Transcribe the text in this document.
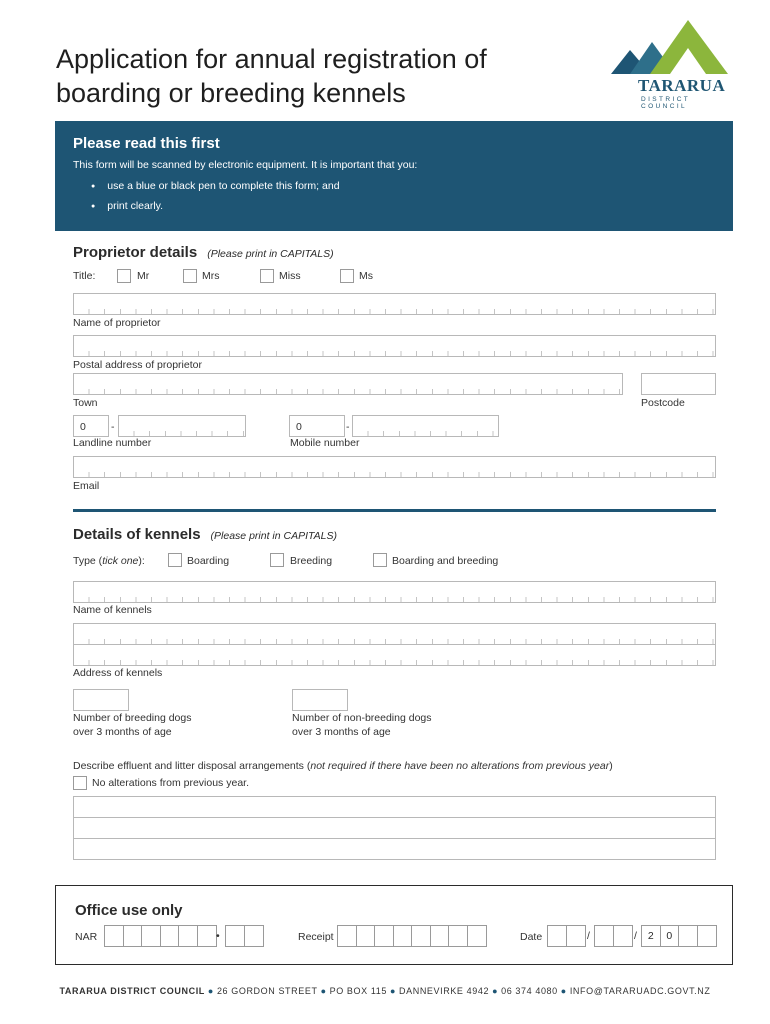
Application for annual registration of
boarding or breeding kennels	TARARUA
DISTRICT COUNCIL
Please read this first

This form will be scanned by electronic equipment. It is important that you:

● use a blue or black pen to complete this form; and
● print clearly.
Proprietor details (Please print in CAPITALS)
Title:	Mr	Mrs	Miss	Ms
Name of proprietor
Postal address of proprietor
Town	Postcode
0 -
Landline number
0	-
Mobile number
Email
Details of kennels (Please print in CAPITALS)
Type (tick one):	Boarding	Breeding	Boarding and breeding
Name of kennels
Address of kennels
Number of breeding dogs
over 3 months of age
Number of non-breeding dogs
over 3 months of age
Describe effluent and litter disposal arrangements (not required if there have been no alterations from previous year)
No alterations from previous year.
Office use only
NAR	•	Receipt	Date	/	/	2	0
TARARUA DISTRICT COUNCIL ● 26 GORDON STREET ● PO BOX 115 ● DANNEVIRKE 4942 ● 06 374 4080 ● INFO@TARARUADC.GOVT.NZ
